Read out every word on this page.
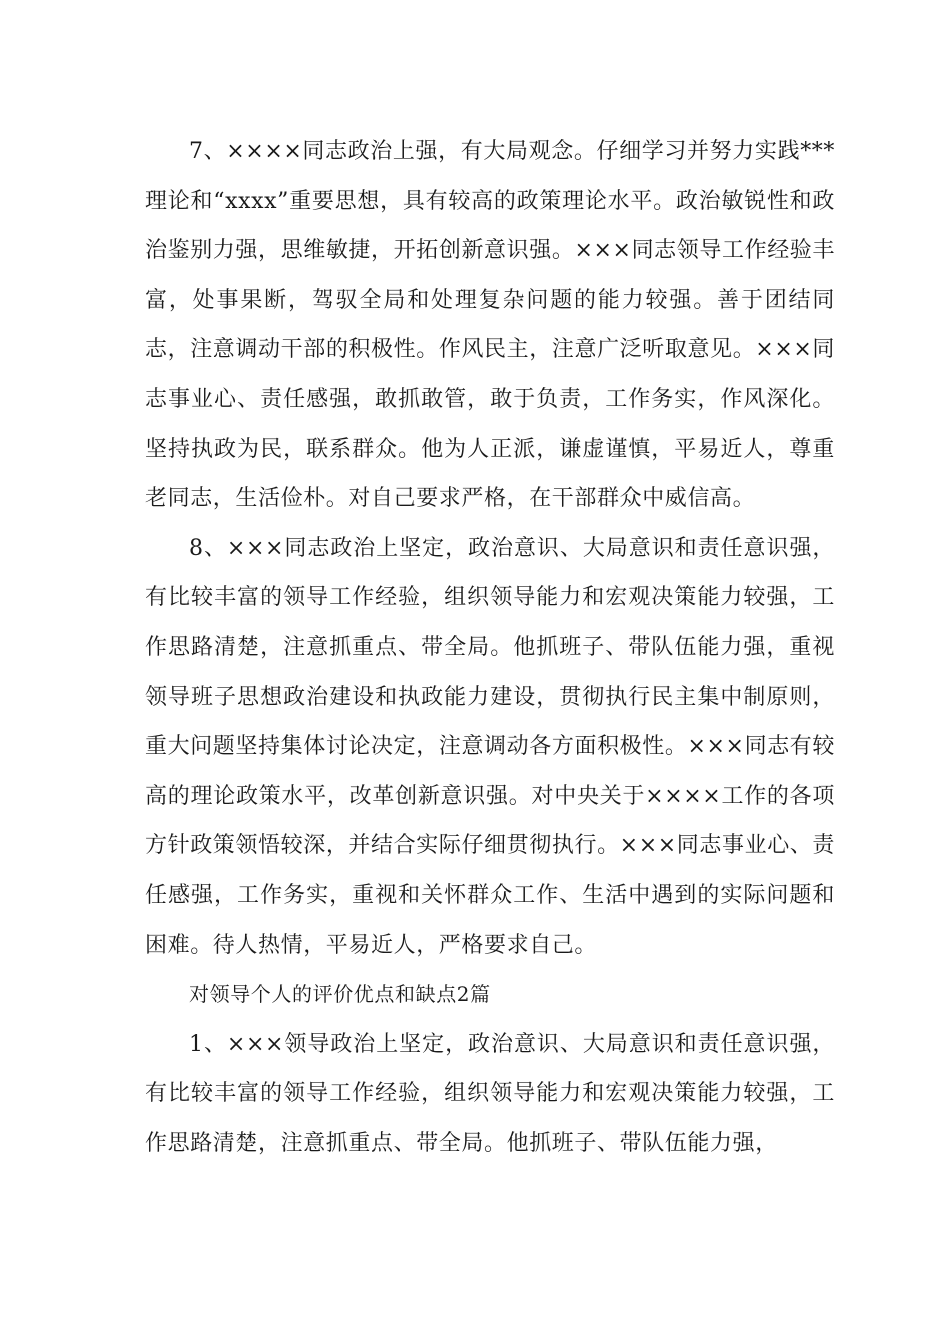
7、××××同志政治上强，有大局观念。仔细学习并努力实践***理论和“xxxx”重要思想，具有较高的政策理论水平。政治敏锐性和政治鉴别力强，思维敏捷，开拓创新意识强。×××同志领导工作经验丰富，处事果断，驾驭全局和处理复杂问题的能力较强。善于团结同志，注意调动干部的积极性。作风民主，注意广泛听取意见。×××同志事业心、责任感强，敢抓敢管，敢于负责，工作务实，作风深化。坚持执政为民，联系群众。他为人正派，谦虚谨慎，平易近人，尊重老同志，生活俭朴。对自己要求严格，在干部群众中威信高。

8、×××同志政治上坚定，政治意识、大局意识和责任意识强，有比较丰富的领导工作经验，组织领导能力和宏观决策能力较强，工作思路清楚，注意抓重点、带全局。他抓班子、带队伍能力强，重视领导班子思想政治建设和执政能力建设，贯彻执行民主集中制原则，重大问题坚持集体讨论决定，注意调动各方面积极性。×××同志有较高的理论政策水平，改革创新意识强。对中央关于××××工作的各项方针政策领悟较深，并结合实际仔细贯彻执行。×××同志事业心、责任感强，工作务实，重视和关怀群众工作、生活中遇到的实际问题和困难。待人热情，平易近人，严格要求自己。

对领导个人的评价优点和缺点2篇

1、×××领导政治上坚定，政治意识、大局意识和责任意识强，有比较丰富的领导工作经验，组织领导能力和宏观决策能力较强，工作思路清楚，注意抓重点、带全局。他抓班子、带队伍能力强，
